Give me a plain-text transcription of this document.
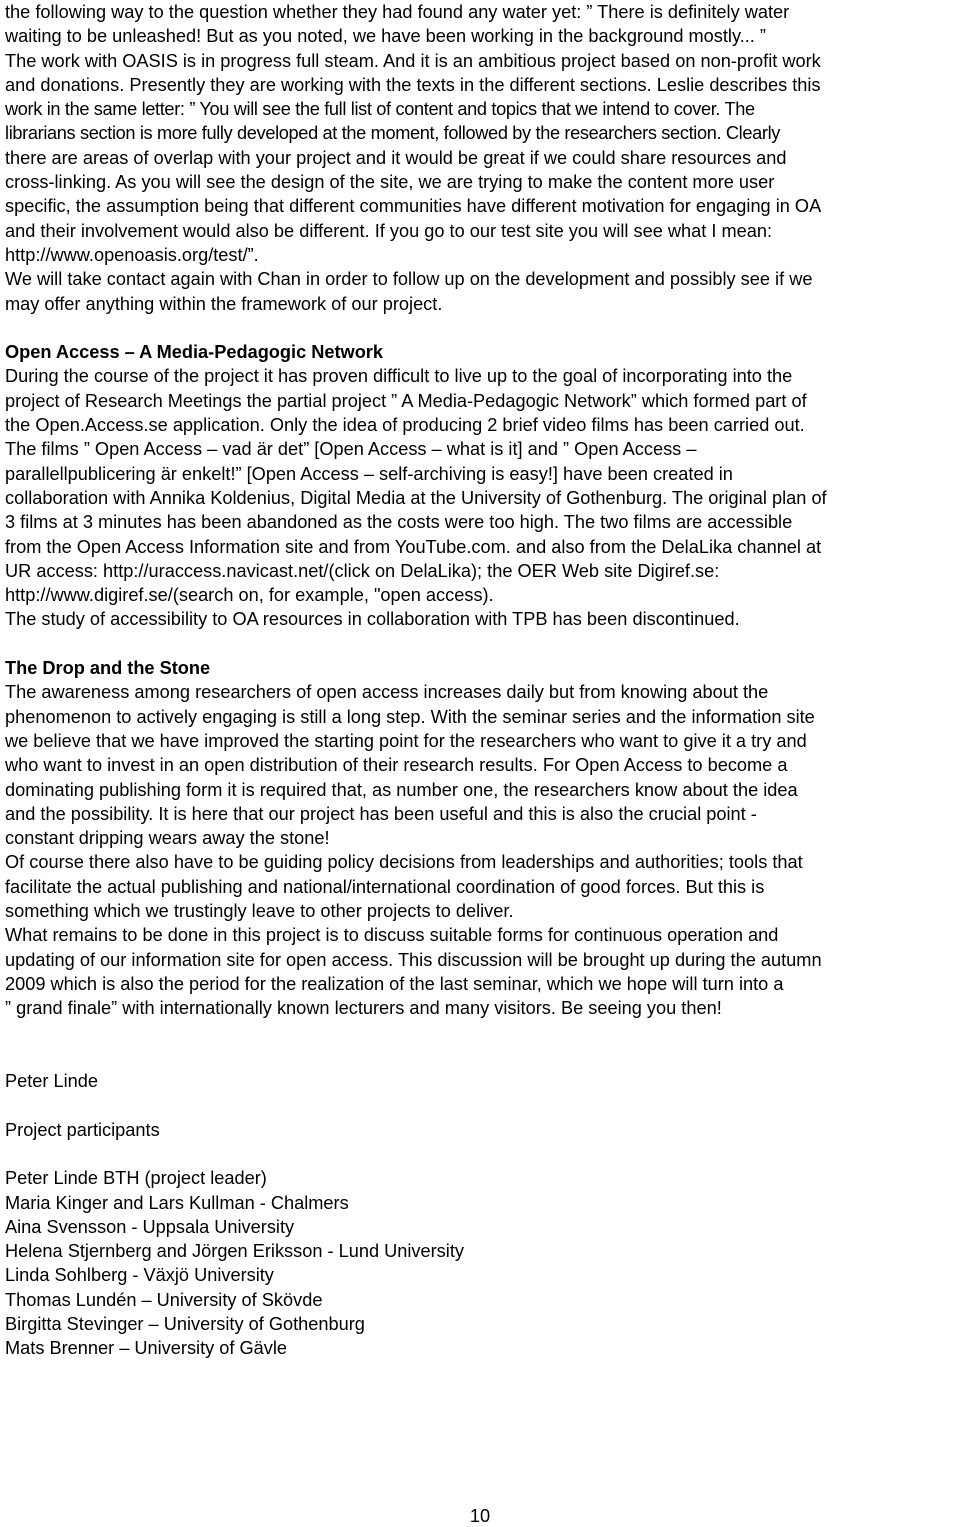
the following way to the question whether they had found any water yet: ” There is definitely water
waiting to be unleashed! But as you noted, we have been working in the background mostly... ”
The work with OASIS is in progress full steam. And it is an ambitious project based on non-profit work
and donations. Presently they are working with the texts in the different sections. Leslie describes this
work in the same letter: ” You will see the full list of content and topics that we intend to cover. The
librarians section is more fully developed at the moment, followed by the researchers section. Clearly
there are areas of overlap with your project and it would be great if we could share resources and
cross-linking. As you will see the design of the site, we are trying to make the content more user
specific, the assumption being that different communities have different motivation for engaging in OA
and their involvement would also be different. If you go to our test site you will see what I mean:
http://www.openoasis.org/test/”.
We will take contact again with Chan in order to follow up on the development and possibly see if we
may offer anything within the framework of our project.
Open Access – A Media-Pedagogic Network
During the course of the project it has proven difficult to live up to the goal of incorporating into the
project of Research Meetings the partial project ” A Media-Pedagogic Network” which formed part of
the Open.Access.se application. Only the idea of producing 2 brief video films has been carried out.
The films ” Open Access – vad är det” [Open Access – what is it] and ” Open Access –
parallellpublicering är enkelt!” [Open Access – self-archiving is easy!] have been created in
collaboration with Annika Koldenius, Digital Media at the University of Gothenburg. The original plan of
3 films at 3 minutes has been abandoned as the costs were too high. The two films are accessible
from the Open Access Information site and from YouTube.com. and also from the DelaLika channel at
UR access: http://uraccess.navicast.net/(click on DelaLika); the OER Web site Digiref.se:
http://www.digiref.se/(search on, for example, "open access).
The study of accessibility to OA resources in collaboration with TPB has been discontinued.
The Drop and the Stone
The awareness among researchers of open access increases daily but from knowing about the
phenomenon to actively engaging is still a long step. With the seminar series and the information site
we believe that we have improved the starting point for the researchers who want to give it a try and
who want to invest in an open distribution of their research results. For Open Access to become a
dominating publishing form it is required that, as number one, the researchers know about the idea
and the possibility. It is here that our project has been useful and this is also the crucial point -
constant dripping wears away the stone!
Of course there also have to be guiding policy decisions from leaderships and authorities; tools that
facilitate the actual publishing and national/international coordination of good forces. But this is
something which we trustingly leave to other projects to deliver.
What remains to be done in this project is to discuss suitable forms for continuous operation and
updating of our information site for open access. This discussion will be brought up during the autumn
2009 which is also the period for the realization of the last seminar, which we hope will turn into a
” grand finale” with internationally known lecturers and many visitors. Be seeing you then!
Peter Linde
Project participants
Peter Linde BTH (project leader)
Maria Kinger and Lars Kullman - Chalmers
Aina Svensson - Uppsala University
Helena Stjernberg and Jörgen Eriksson - Lund University
Linda Sohlberg - Växjö University
Thomas Lundén – University of Skövde
Birgitta Stevinger – University of Gothenburg
Mats Brenner – University of Gävle
10
